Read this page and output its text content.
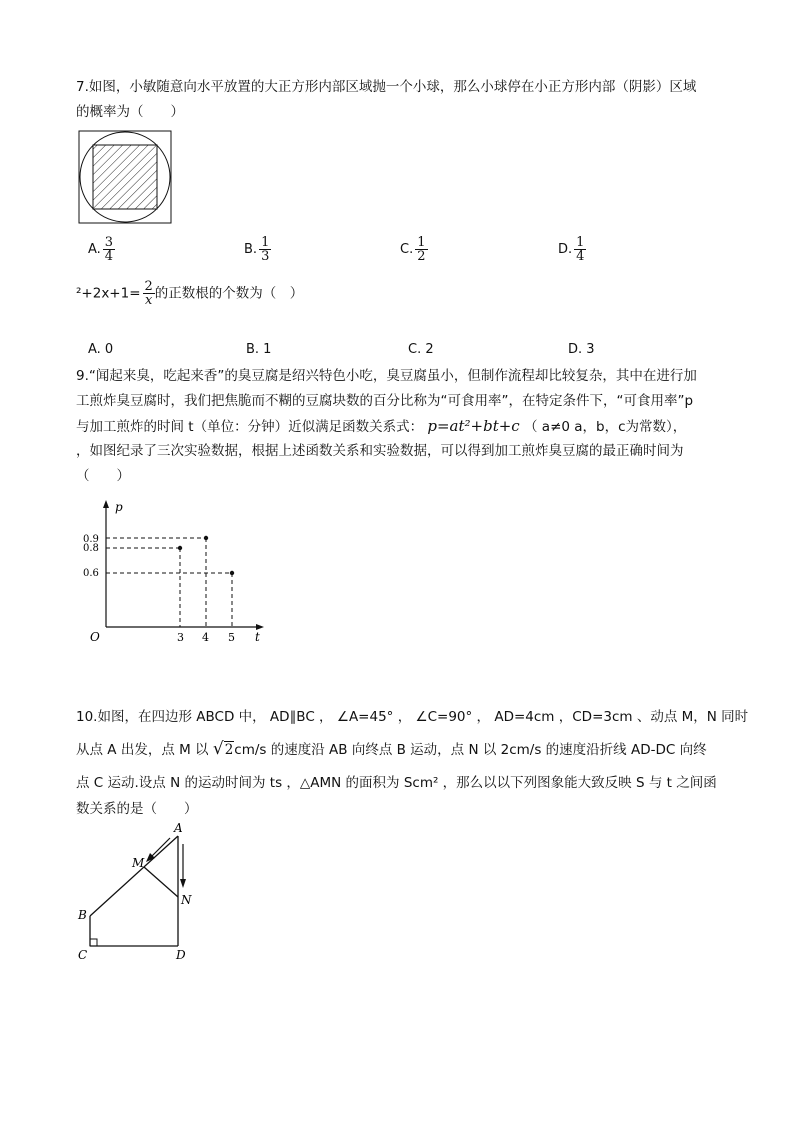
7.如图，小敏随意向水平放置的大正方形内部区域抛一个小球，那么小球停在小正方形内部（阴影）区域
的概率为（　　）
A. $\frac{3}{4}$	B. $\frac{1}{3}$	C. $\frac{1}{2}$	D. $\frac{1}{4}$
$^2+2x+1= \frac{2}{x}$ 的正数根的个数为（　）
A. 0	B. 1	C. 2	D. 3
9.“闻起来臭，吃起来香”的臭豆腐是绍兴特色小吃，臭豆腐虽小，但制作流程却比较复杂，其中在进行加
工煎炸臭豆腐时，我们把焦脆而不糊的豆腐块数的百分比称为“可食用率”，在特定条件下，“可食用率”p
与加工煎炸的时间 t（单位：分钟）近似满足函数关系式： p=at²+bt+c （ a≠0 a，b，c为常数），
，如图纪录了三次实验数据，根据上述函数关系和实验数据，可以得到加工煎炸臭豆腐的最正确时间为
（　　）
p
t
O
0.9
0.8
0.6
3 4 5
10.如图，在四边形 ABCD 中， AD∥BC ， ∠A=45° ， ∠C=90° ， AD=4cm ，CD=3cm 、动点 M，N 同时
从点 A 出发，点 M 以 √2cm/s 的速度沿 AB 向终点 B 运动，点 N 以 2cm/s 的速度沿折线 AD-DC 向终
点 C 运动.设点 N 的运动时间为 ts ，△AMN 的面积为 Scm² ，那么以以下列图象能大致反映 S 与 t 之间函
数关系的是（　　）
A
M
N
B
C	D
